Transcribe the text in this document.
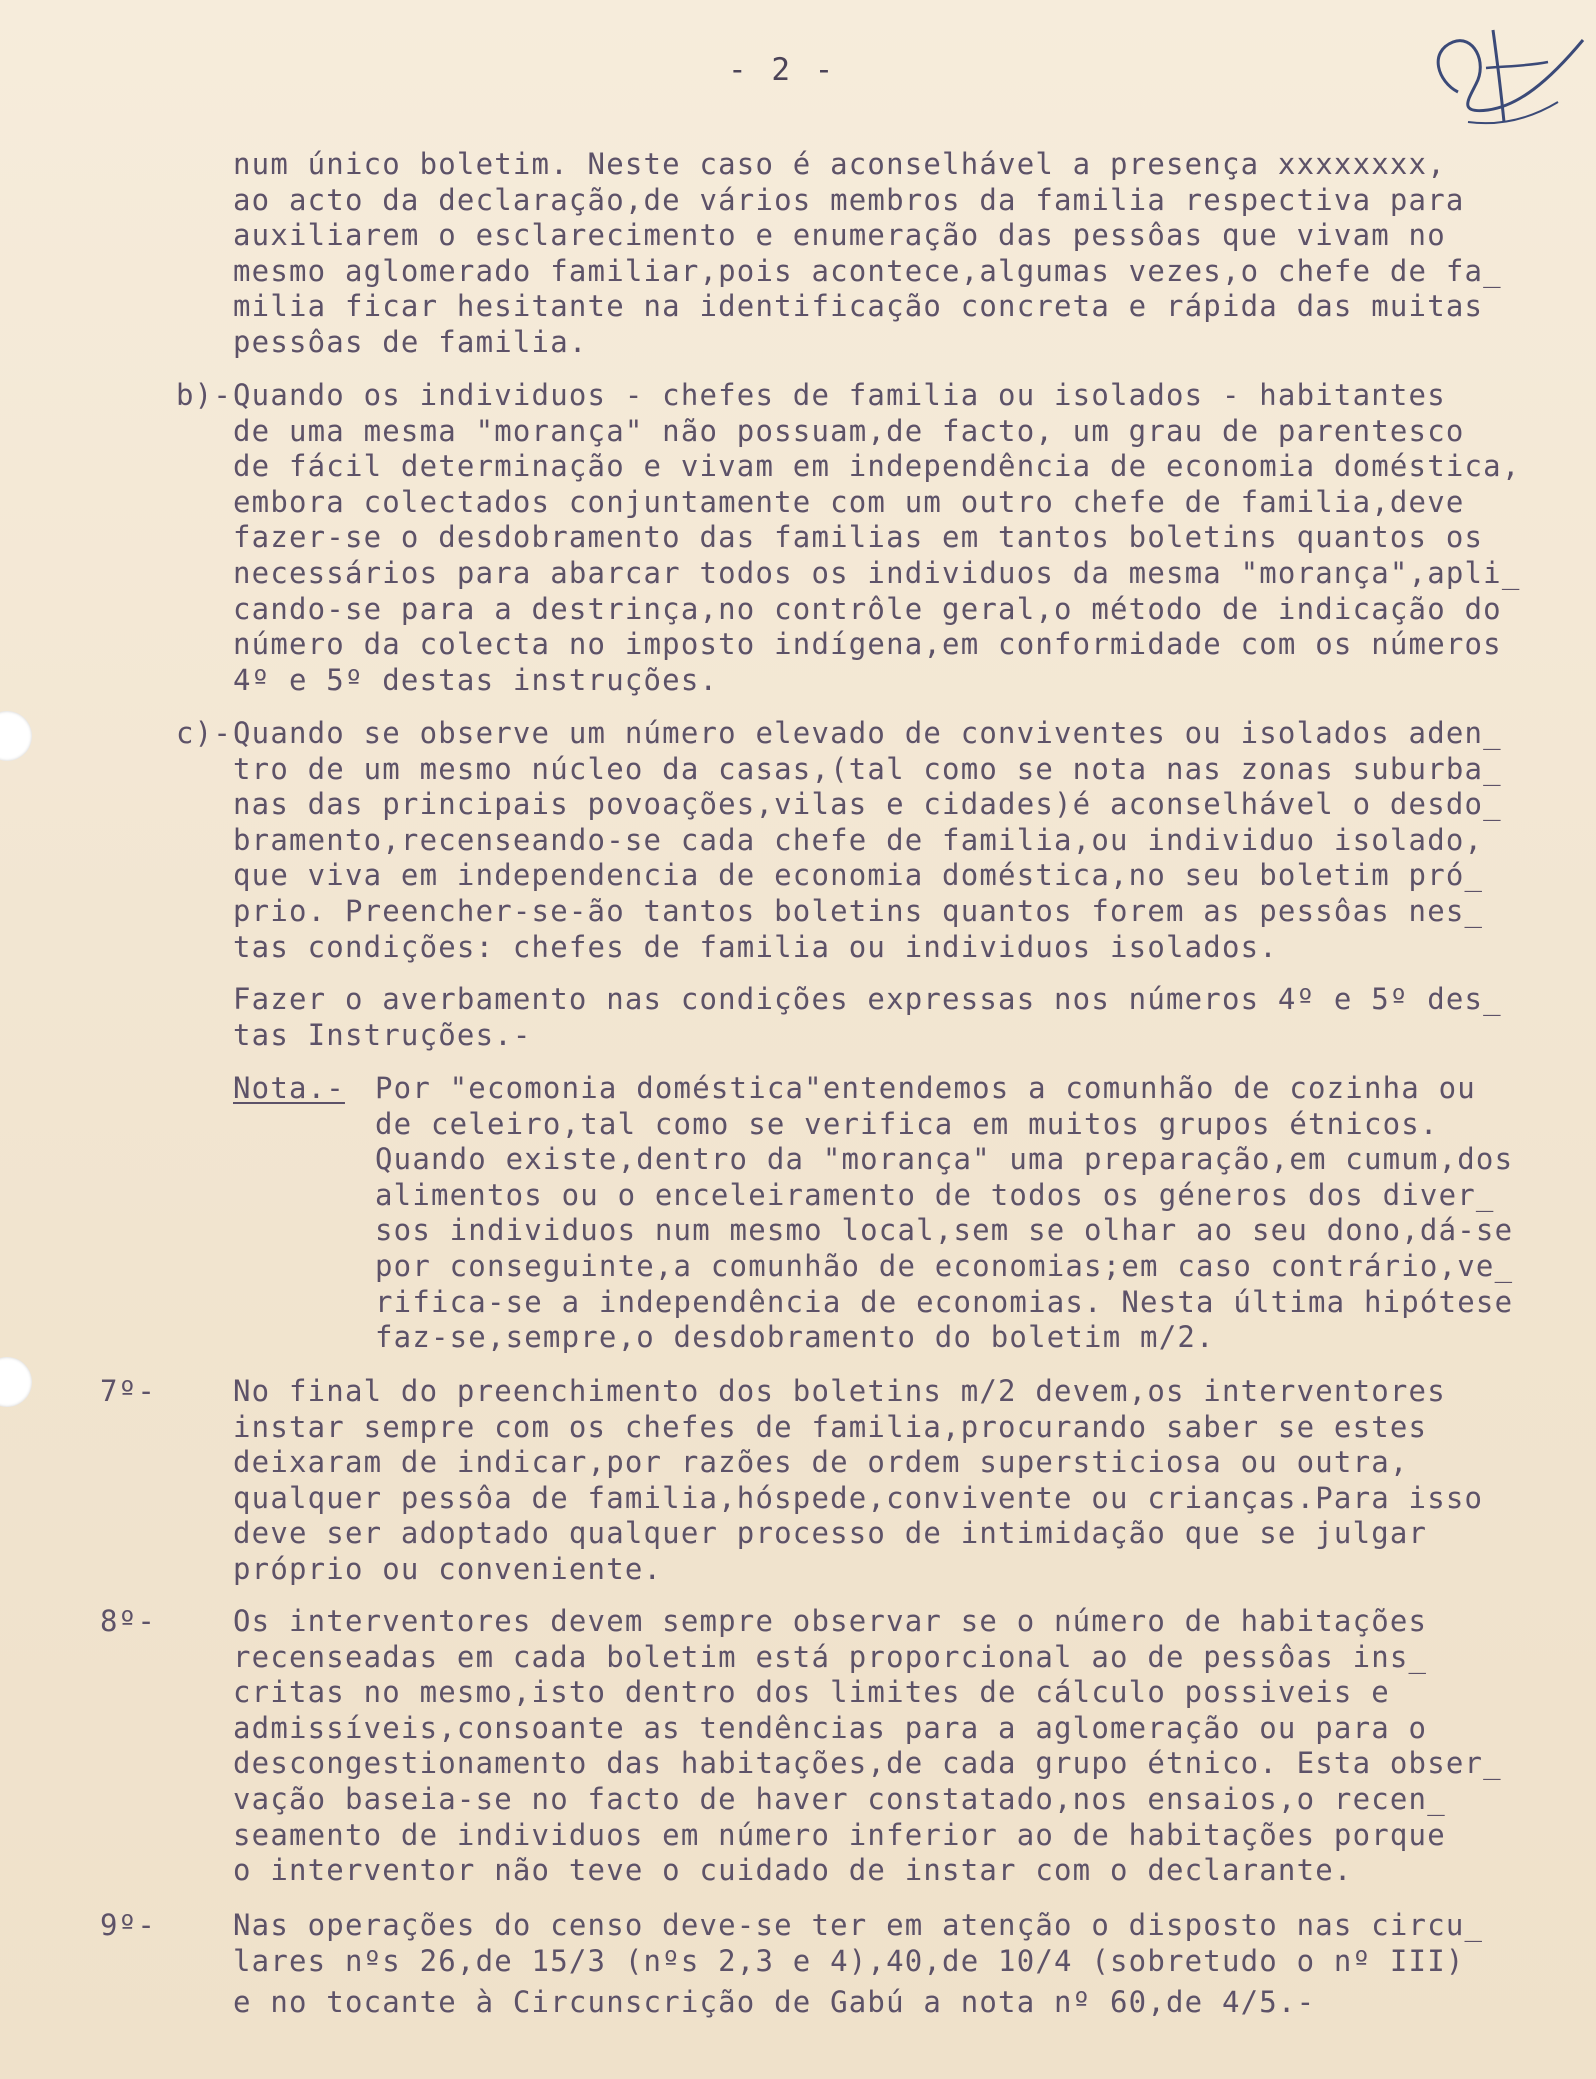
- 2 -
num único boletim. Neste caso é aconselhável a presença xxxxxxxx,
ao acto da declaração,de vários membros da familia respectiva para
auxiliarem o esclarecimento e enumeração das pessôas que vivam no
mesmo aglomerado familiar,pois acontece,algumas vezes,o chefe de fa_
milia ficar hesitante na identificação concreta e rápida das muitas
pessôas de familia.
b)- Quando os individuos - chefes de familia ou isolados - habitantes
de uma mesma "morança" não possuam,de facto, um grau de parentesco
de fácil determinação e vivam em independência de economia doméstica,
embora colectados conjuntamente com um outro chefe de familia,deve
fazer-se o desdobramento das familias em tantos boletins quantos os
necessários para abarcar todos os individuos da mesma "morança",apli_
cando-se para a destrinça,no contrôle geral,o método de indicação do
número da colecta no imposto indígena,em conformidade com os números
4º e 5º destas instruções.
c)- Quando se observe um número elevado de conviventes ou isolados aden_
tro de um mesmo núcleo da casas,(tal como se nota nas zonas suburba_
nas das principais povoações,vilas e cidades)é aconselhável o desdo_
bramento,recenseando-se cada chefe de familia,ou individuo isolado,
que viva em independencia de economia doméstica,no seu boletim pró_
prio. Preencher-se-ão tantos boletins quantos forem as pessôas nes_
tas condições: chefes de familia ou individuos isolados.
Fazer o averbamento nas condições expressas nos números 4º e 5º des_
tas Instruções.-
Nota.- Por "ecomonia doméstica"entendemos a comunhão de cozinha ou
de celeiro,tal como se verifica em muitos grupos étnicos.
Quando existe,dentro da "morança" uma preparação,em cumum,dos
alimentos ou o enceleiramento de todos os géneros dos diver_
sos individuos num mesmo local,sem se olhar ao seu dono,dá-se
por conseguinte,a comunhão de economias;em caso contrário,ve_
rifica-se a independência de economias. Nesta última hipótese
faz-se,sempre,o desdobramento do boletim m/2.
7º-	No final do preenchimento dos boletins m/2 devem,os interventores
instar sempre com os chefes de familia,procurando saber se estes
deixaram de indicar,por razões de ordem supersticiosa ou outra,
qualquer pessôa de familia,hóspede,convivente ou crianças.Para isso
deve ser adoptado qualquer processo de intimidação que se julgar
próprio ou conveniente.
8º-	Os interventores devem sempre observar se o número de habitações
recenseadas em cada boletim está proporcional ao de pessôas ins_
critas no mesmo,isto dentro dos limites de cálculo possiveis e
admissíveis,consoante as tendências para a aglomeração ou para o
descongestionamento das habitações,de cada grupo étnico. Esta obser_
vação baseia-se no facto de haver constatado,nos ensaios,o recen_
seamento de individuos em número inferior ao de habitações porque
o interventor não teve o cuidado de instar com o declarante.
9º-	Nas operações do censo deve-se ter em atenção o disposto nas circu_
lares nºs 26,de 15/3 (nºs 2,3 e 4),40,de 10/4 (sobretudo o nº III)
e no tocante à Circunscrição de Gabú a nota nº 60,de 4/5.-
